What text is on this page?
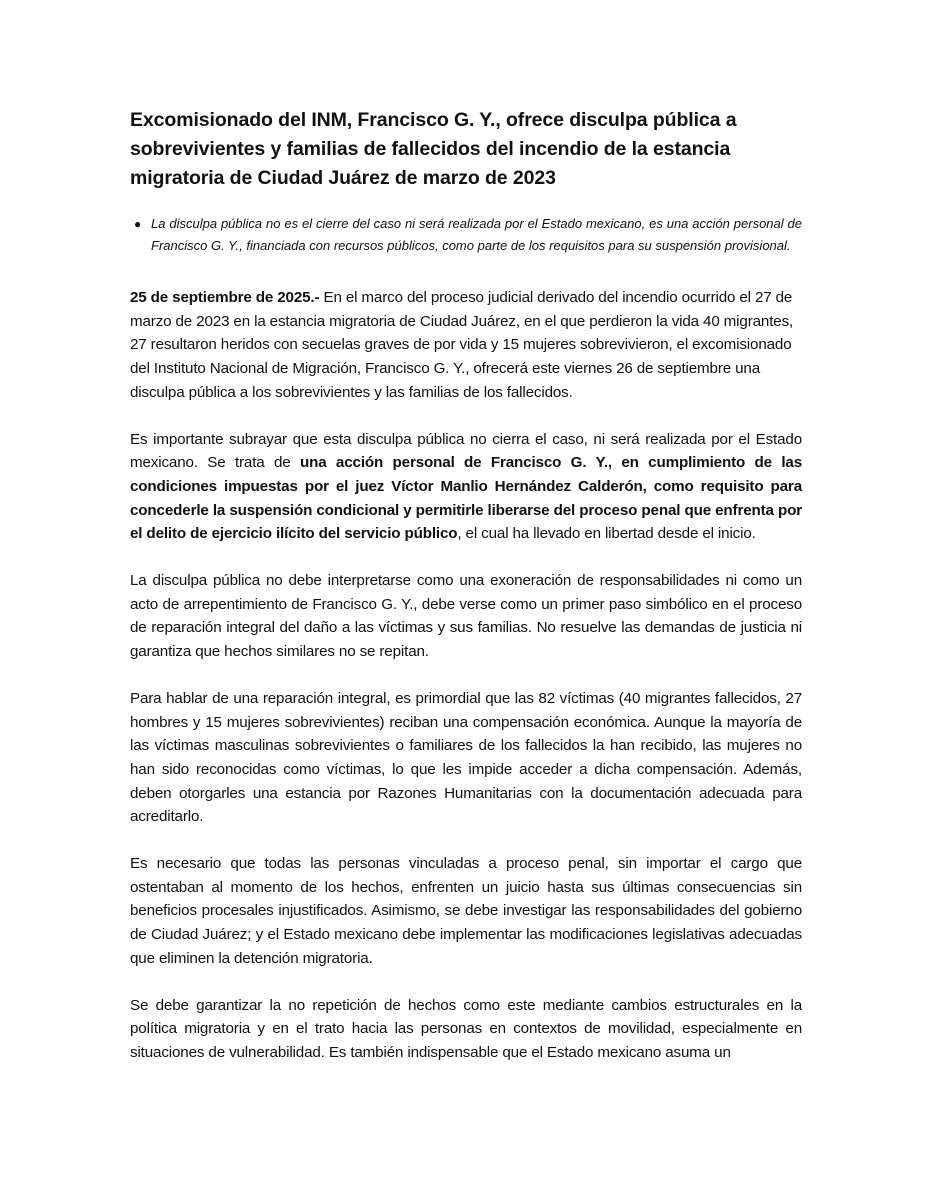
Excomisionado del INM, Francisco G. Y., ofrece disculpa pública a sobrevivientes y familias de fallecidos del incendio de la estancia migratoria de Ciudad Juárez de marzo de 2023
● La disculpa pública no es el cierre del caso ni será realizada por el Estado mexicano, es una acción personal de Francisco G. Y., financiada con recursos públicos, como parte de los requisitos para su suspensión provisional.

25 de septiembre de 2025.- En el marco del proceso judicial derivado del incendio ocurrido el 27 de marzo de 2023 en la estancia migratoria de Ciudad Juárez, en el que perdieron la vida 40 migrantes, 27 resultaron heridos con secuelas graves de por vida y 15 mujeres sobrevivieron, el excomisionado del Instituto Nacional de Migración, Francisco G. Y., ofrecerá este viernes 26 de septiembre una disculpa pública a los sobrevivientes y las familias de los fallecidos.

Es importante subrayar que esta disculpa pública no cierra el caso, ni será realizada por el Estado mexicano. Se trata de una acción personal de Francisco G. Y., en cumplimiento de las condiciones impuestas por el juez Víctor Manlio Hernández Calderón, como requisito para concederle la suspensión condicional y permitirle liberarse del proceso penal que enfrenta por el delito de ejercicio ilícito del servicio público, el cual ha llevado en libertad desde el inicio.

La disculpa pública no debe interpretarse como una exoneración de responsabilidades ni como un acto de arrepentimiento de Francisco G. Y., debe verse como un primer paso simbólico en el proceso de reparación integral del daño a las víctimas y sus familias. No resuelve las demandas de justicia ni garantiza que hechos similares no se repitan.

Para hablar de una reparación integral, es primordial que las 82 víctimas (40 migrantes fallecidos, 27 hombres y 15 mujeres sobrevivientes) reciban una compensación económica. Aunque la mayoría de las víctimas masculinas sobrevivientes o familiares de los fallecidos la han recibido, las mujeres no han sido reconocidas como víctimas, lo que les impide acceder a dicha compensación. Además, deben otorgarles una estancia por Razones Humanitarias con la documentación adecuada para acreditarlo.

Es necesario que todas las personas vinculadas a proceso penal, sin importar el cargo que ostentaban al momento de los hechos, enfrenten un juicio hasta sus últimas consecuencias sin beneficios procesales injustificados. Asimismo, se debe investigar las responsabilidades del gobierno de Ciudad Juárez; y el Estado mexicano debe implementar las modificaciones legislativas adecuadas que eliminen la detención migratoria.

Se debe garantizar la no repetición de hechos como este mediante cambios estructurales en la política migratoria y en el trato hacia las personas en contextos de movilidad, especialmente en situaciones de vulnerabilidad. Es también indispensable que el Estado mexicano asuma un
